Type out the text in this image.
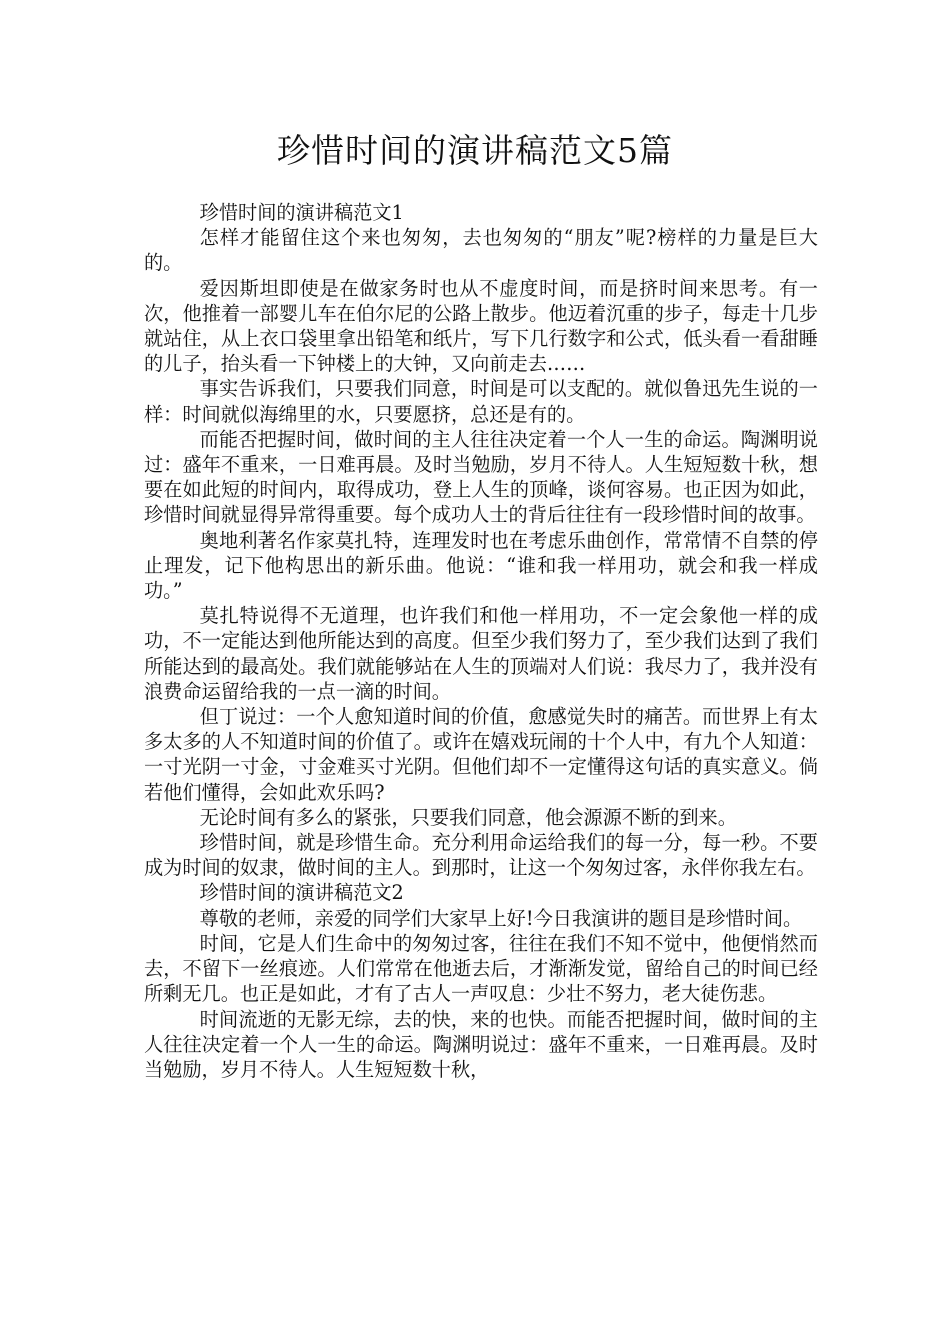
珍惜时间的演讲稿范文5篇

珍惜时间的演讲稿范文1

怎样才能留住这个来也匆匆，去也匆匆的“朋友”呢?榜样的力量是巨大的。

爱因斯坦即使是在做家务时也从不虚度时间，而是挤时间来思考。有一次，他推着一部婴儿车在伯尔尼的公路上散步。他迈着沉重的步子，每走十几步就站住，从上衣口袋里拿出铅笔和纸片，写下几行数字和公式，低头看一看甜睡的儿子，抬头看一下钟楼上的大钟，又向前走去……

事实告诉我们，只要我们同意，时间是可以支配的。就似鲁迅先生说的一样：时间就似海绵里的水，只要愿挤，总还是有的。

而能否把握时间，做时间的主人往往决定着一个人一生的命运。陶渊明说过：盛年不重来，一日难再晨。及时当勉励，岁月不待人。人生短短数十秋，想要在如此短的时间内，取得成功，登上人生的顶峰，谈何容易。也正因为如此，珍惜时间就显得异常得重要。每个成功人士的背后往往有一段珍惜时间的故事。

奥地利著名作家莫扎特，连理发时也在考虑乐曲创作，常常情不自禁的停止理发，记下他构思出的新乐曲。他说：“谁和我一样用功，就会和我一样成功。”

莫扎特说得不无道理，也许我们和他一样用功，不一定会象他一样的成功，不一定能达到他所能达到的高度。但至少我们努力了，至少我们达到了我们所能达到的最高处。我们就能够站在人生的顶端对人们说：我尽力了，我并没有浪费命运留给我的一点一滴的时间。

但丁说过：一个人愈知道时间的价值，愈感觉失时的痛苦。而世界上有太多太多的人不知道时间的价值了。或许在嬉戏玩闹的十个人中，有九个人知道：一寸光阴一寸金，寸金难买寸光阴。但他们却不一定懂得这句话的真实意义。倘若他们懂得，会如此欢乐吗?

无论时间有多么的紧张，只要我们同意，他会源源不断的到来。

珍惜时间，就是珍惜生命。充分利用命运给我们的每一分，每一秒。不要成为时间的奴隶，做时间的主人。到那时，让这一个匆匆过客，永伴你我左右。

珍惜时间的演讲稿范文2

尊敬的老师，亲爱的同学们大家早上好!今日我演讲的题目是珍惜时间。

时间，它是人们生命中的匆匆过客，往往在我们不知不觉中，他便悄然而去，不留下一丝痕迹。人们常常在他逝去后，才渐渐发觉，留给自己的时间已经所剩无几。也正是如此，才有了古人一声叹息：少壮不努力，老大徒伤悲。

时间流逝的无影无综，去的快，来的也快。而能否把握时间，做时间的主人往往决定着一个人一生的命运。陶渊明说过：盛年不重来，一日难再晨。及时当勉励，岁月不待人。人生短短数十秋，
